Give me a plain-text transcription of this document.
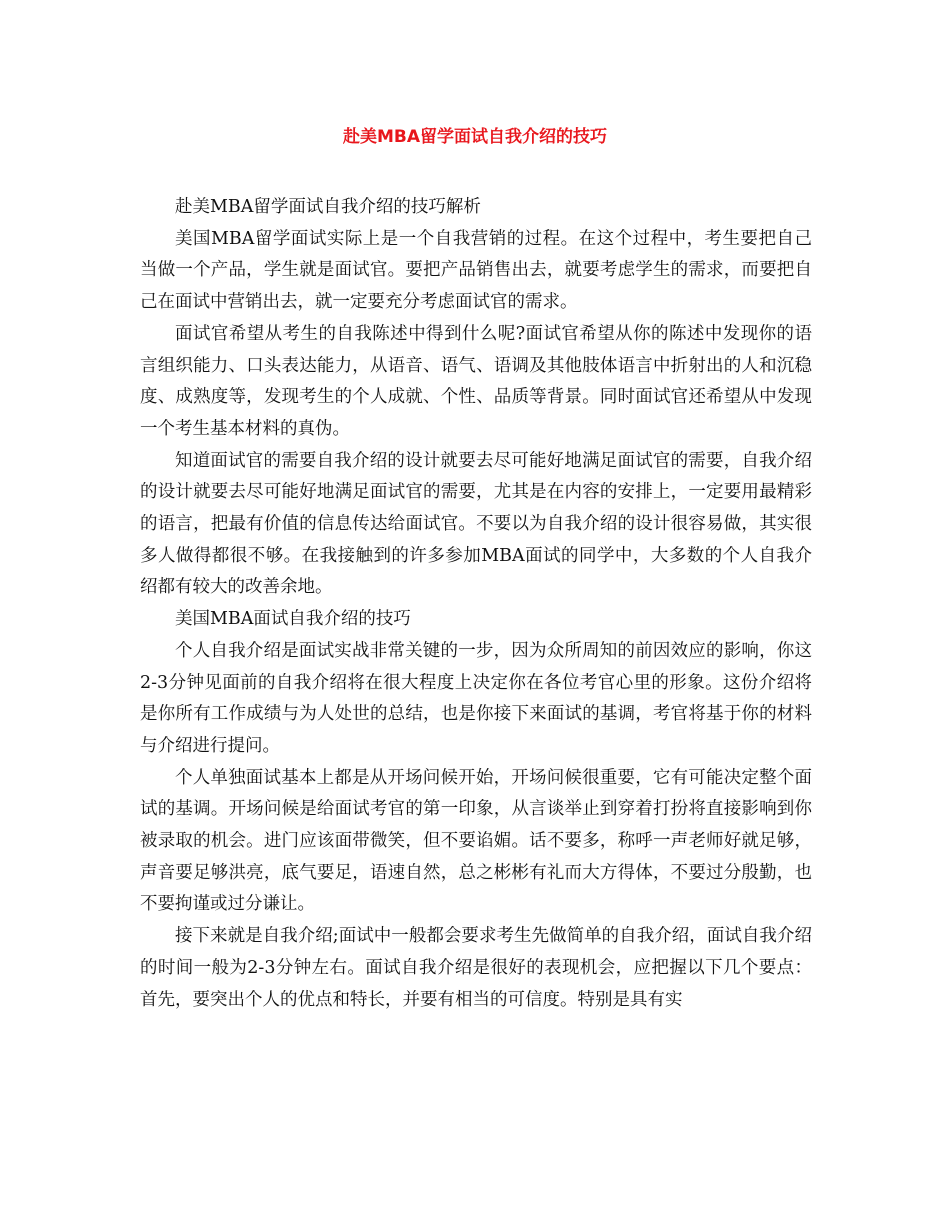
赴美MBA留学面试自我介绍的技巧

赴美MBA留学面试自我介绍的技巧解析

美国MBA留学面试实际上是一个自我营销的过程。在这个过程中，考生要把自己当做一个产品，学生就是面试官。要把产品销售出去，就要考虑学生的需求，而要把自己在面试中营销出去，就一定要充分考虑面试官的需求。

面试官希望从考生的自我陈述中得到什么呢?面试官希望从你的陈述中发现你的语言组织能力、口头表达能力，从语音、语气、语调及其他肢体语言中折射出的人和沉稳度、成熟度等，发现考生的个人成就、个性、品质等背景。同时面试官还希望从中发现一个考生基本材料的真伪。

知道面试官的需要自我介绍的设计就要去尽可能好地满足面试官的需要，自我介绍的设计就要去尽可能好地满足面试官的需要，尤其是在内容的安排上，一定要用最精彩的语言，把最有价值的信息传达给面试官。不要以为自我介绍的设计很容易做，其实很多人做得都很不够。在我接触到的许多参加MBA面试的同学中，大多数的个人自我介绍都有较大的改善余地。

美国MBA面试自我介绍的技巧

个人自我介绍是面试实战非常关键的一步，因为众所周知的前因效应的影响，你这2-3分钟见面前的自我介绍将在很大程度上决定你在各位考官心里的形象。这份介绍将是你所有工作成绩与为人处世的总结，也是你接下来面试的基调，考官将基于你的材料与介绍进行提问。

个人单独面试基本上都是从开场问候开始，开场问候很重要，它有可能决定整个面试的基调。开场问候是给面试考官的第一印象，从言谈举止到穿着打扮将直接影响到你被录取的机会。进门应该面带微笑，但不要谄媚。话不要多，称呼一声老师好就足够，声音要足够洪亮，底气要足，语速自然，总之彬彬有礼而大方得体，不要过分殷勤，也不要拘谨或过分谦让。

接下来就是自我介绍;面试中一般都会要求考生先做简单的自我介绍，面试自我介绍的时间一般为2-3分钟左右。面试自我介绍是很好的表现机会，应把握以下几个要点：首先，要突出个人的优点和特长，并要有相当的可信度。特别是具有实
